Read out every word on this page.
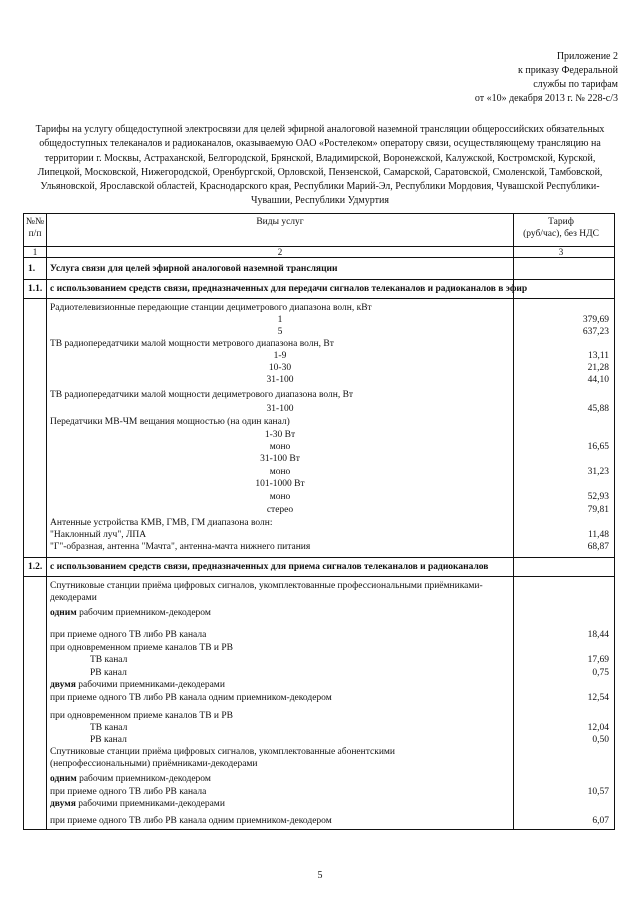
Приложение 2
к приказу Федеральной
службы по тарифам
от «10» декабря 2013 г. № 228-с/3
Тарифы на услугу общедоступной электросвязи для целей эфирной аналоговой наземной трансляции общероссийских обязательных
общедоступных телеканалов и радиоканалов, оказываемую ОАО «Ростелеком» оператору связи, осуществляющему трансляцию на
территории г. Москвы, Астраханской, Белгородской, Брянской, Владимирской, Воронежской, Калужской, Костромской, Курской,
Липецкой, Московской, Нижегородской, Оренбургской, Орловской, Пензенской, Самарской, Саратовской, Смоленской, Тамбовской,
Ульяновской, Ярославской областей, Краснодарского края, Республики Марий-Эл, Республики Мордовия, Чувашской Республики-
Чувашии, Республики Удмуртия
№№
п/п
Виды услуг	Тариф
(руб/час), без НДС
1	2	3
1.	Услуга связи для целей эфирной аналоговой наземной трансляции
1.1. с использованием средств связи, предназначенных для передачи сигналов телеканалов и радиоканалов в эфир
Радиотелевизионные передающие станции дециметрового диапазона волн, кВт
1	379,69
5	637,23
ТВ радиопередатчики малой мощности метрового диапазона волн, Вт
1-9	13,11
10-30	21,28
31-100	44,10
ТВ радиопередатчики малой мощности дециметрового диапазона волн, Вт
31-100	45,88
Передатчики МВ-ЧМ вещания мощностью (на один канал)
1-30 Вт
моно	16,65
31-100 Вт
моно	31,23
101-1000 Вт
моно	52,93
стерео	79,81
Антенные устройства КМВ, ГМВ, ГМ диапазона волн:
"Наклонный луч", ЛПА	11,48
"Г"-образная, антенна "Мачта", антенна-мачта нижнего питания	68,87
1.2. с использованием средств связи, предназначенных для приема сигналов телеканалов и радиоканалов
Спутниковые станции приёма цифровых сигналов, укомплектованные профессиональными приёмниками-
декодерами
одним рабочим приемником-декодером
при приеме одного ТВ либо РВ канала	18,44
при одновременном приеме каналов ТВ и РВ
ТВ канал	17,69
РВ канал	0,75
двумя рабочими приемниками-декодерами
при приеме одного ТВ либо РВ канала одним приемником-декодером	12,54
при одновременном приеме каналов ТВ и РВ
ТВ канал	12,04
РВ канал	0,50
Спутниковые станции приёма цифровых сигналов, укомплектованные абонентскими
(непрофессиональными) приёмниками-декодерами
одним рабочим приемником-декодером
при приеме одного ТВ либо РВ канала	10,57
двумя рабочими приемниками-декодерами
при приеме одного ТВ либо РВ канала одним приемником-декодером	6,07
5
